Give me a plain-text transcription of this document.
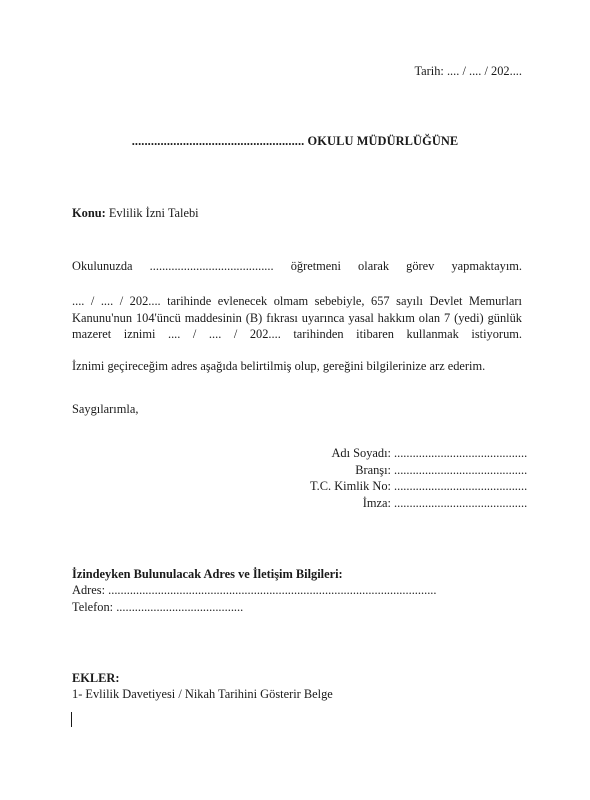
Tarih: .... / .... / 202....
...................................................... OKULU MÜDÜRLÜĞÜNE
Konu: Evlilik İzni Talebi
Okulunuzda ........................................ öğretmeni olarak görev yapmaktayım.
.... / .... / 202.... tarihinde evlenecek olmam sebebiyle, 657 sayılı Devlet Memurları
Kanunu'nun 104'üncü maddesinin (B) fıkrası uyarınca yasal hakkım olan 7 (yedi) günlük
mazeret iznimi .... / .... / 202.... tarihinden itibaren kullanmak istiyorum.
İznimi geçireceğim adres aşağıda belirtilmiş olup, gereğini bilgilerinize arz ederim.
Saygılarımla,
Adı Soyadı: ...........................................
Branşı: ...........................................
T.C. Kimlik No: ...........................................
İmza: ...........................................
İzindeyken Bulunulacak Adres ve İletişim Bilgileri:
Adres: ..........................................................................................................
Telefon: .........................................
EKLER:
1- Evlilik Davetiyesi / Nikah Tarihini Gösterir Belge
